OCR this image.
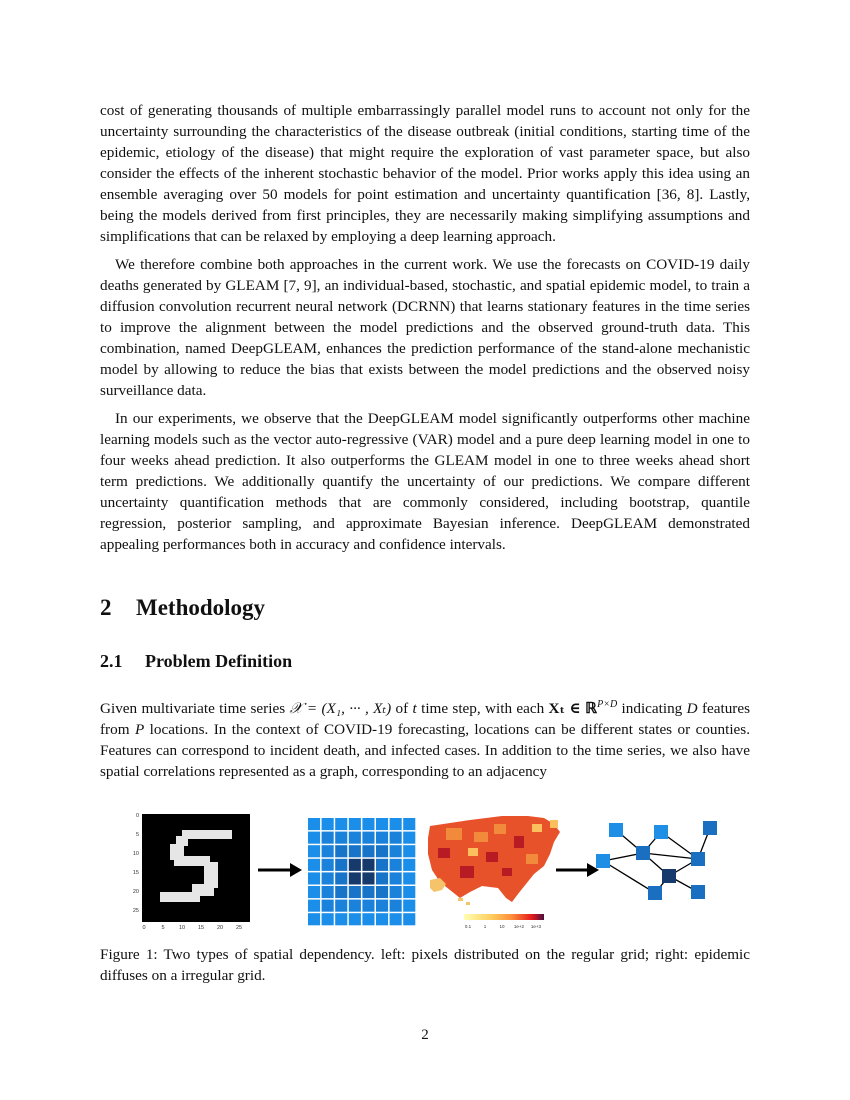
cost of generating thousands of multiple embarrassingly parallel model runs to account not only for the uncertainty surrounding the characteristics of the disease outbreak (initial conditions, starting time of the epidemic, etiology of the disease) that might require the exploration of vast parameter space, but also consider the effects of the inherent stochastic behavior of the model. Prior works apply this idea using an ensemble averaging over 50 models for point estimation and uncertainty quantification [36, 8]. Lastly, being the models derived from first principles, they are necessarily making simplifying assumptions and simplifications that can be relaxed by employing a deep learning approach.

We therefore combine both approaches in the current work. We use the forecasts on COVID-19 daily deaths generated by GLEAM [7, 9], an individual-based, stochastic, and spatial epidemic model, to train a diffusion convolution recurrent neural network (DCRNN) that learns stationary features in the time series to improve the alignment between the model predictions and the observed ground-truth data. This combination, named DeepGLEAM, enhances the prediction performance of the stand-alone mechanistic model by allowing to reduce the bias that exists between the model predictions and the observed noisy surveillance data.

In our experiments, we observe that the DeepGLEAM model significantly outperforms other machine learning models such as the vector auto-regressive (VAR) model and a pure deep learning model in one to four weeks ahead prediction. It also outperforms the GLEAM model in one to three weeks ahead short term predictions. We additionally quantify the uncertainty of our predictions. We compare different uncertainty quantification methods that are commonly considered, including bootstrap, quantile regression, posterior sampling, and approximate Bayesian inference. DeepGLEAM demonstrated appealing performances both in accuracy and confidence intervals.

2 Methodology
2.1 Problem Definition

Given multivariate time series 𝒳 = (X₁, ··· , Xₜ) of t time step, with each Xₜ ∈ ℝ$^{P\times D}$ indicating D features from P locations. In the context of COVID-19 forecasting, locations can be different states or counties. Features can correspond to incident death, and infected cases. In addition to the time series, we also have spatial correlations represented as a graph, corresponding to an adjacency

0
5
10
15
20
25
0	5	10 15 20 25	0.1	1	10 1e+2 1e+3

Figure 1: Two types of spatial dependency. left: pixels distributed on the regular grid; right: epidemic diffuses on a irregular grid.

2
